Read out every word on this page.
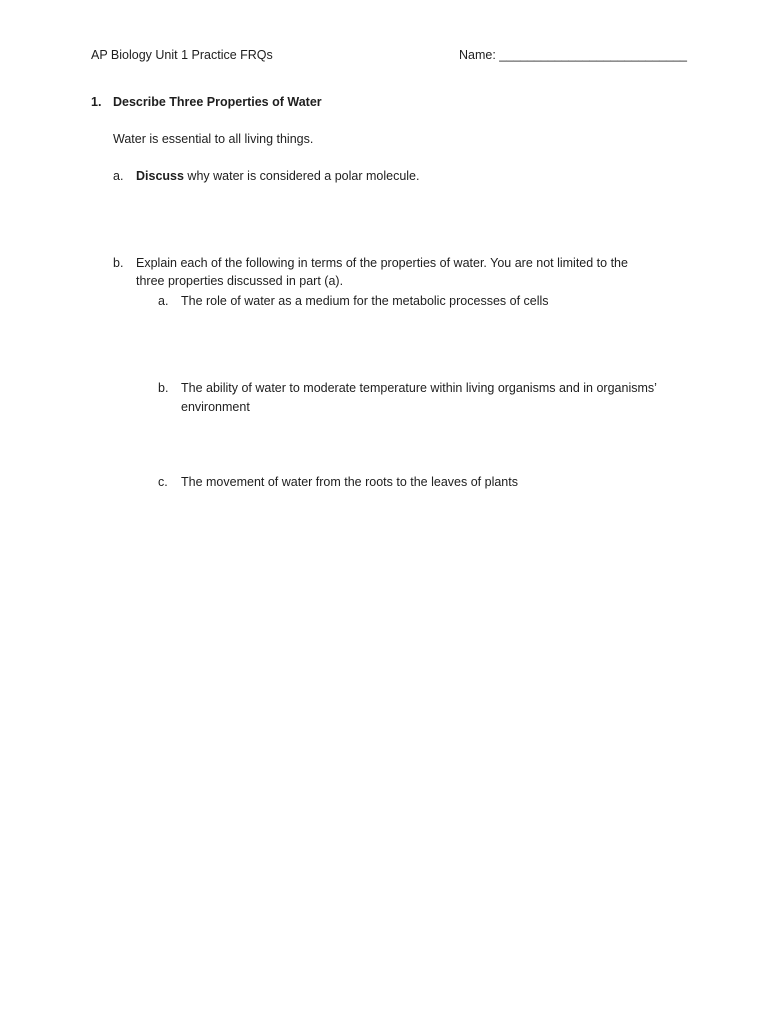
AP Biology Unit 1 Practice FRQs	Name: ___________________________
1. Describe Three Properties of Water
Water is essential to all living things.
a. Discuss why water is considered a polar molecule.
b. Explain each of the following in terms of the properties of water. You are not limited to the
three properties discussed in part (a).
a. The role of water as a medium for the metabolic processes of cells
b. The ability of water to moderate temperature within living organisms and in organisms’
environment
c. The movement of water from the roots to the leaves of plants
